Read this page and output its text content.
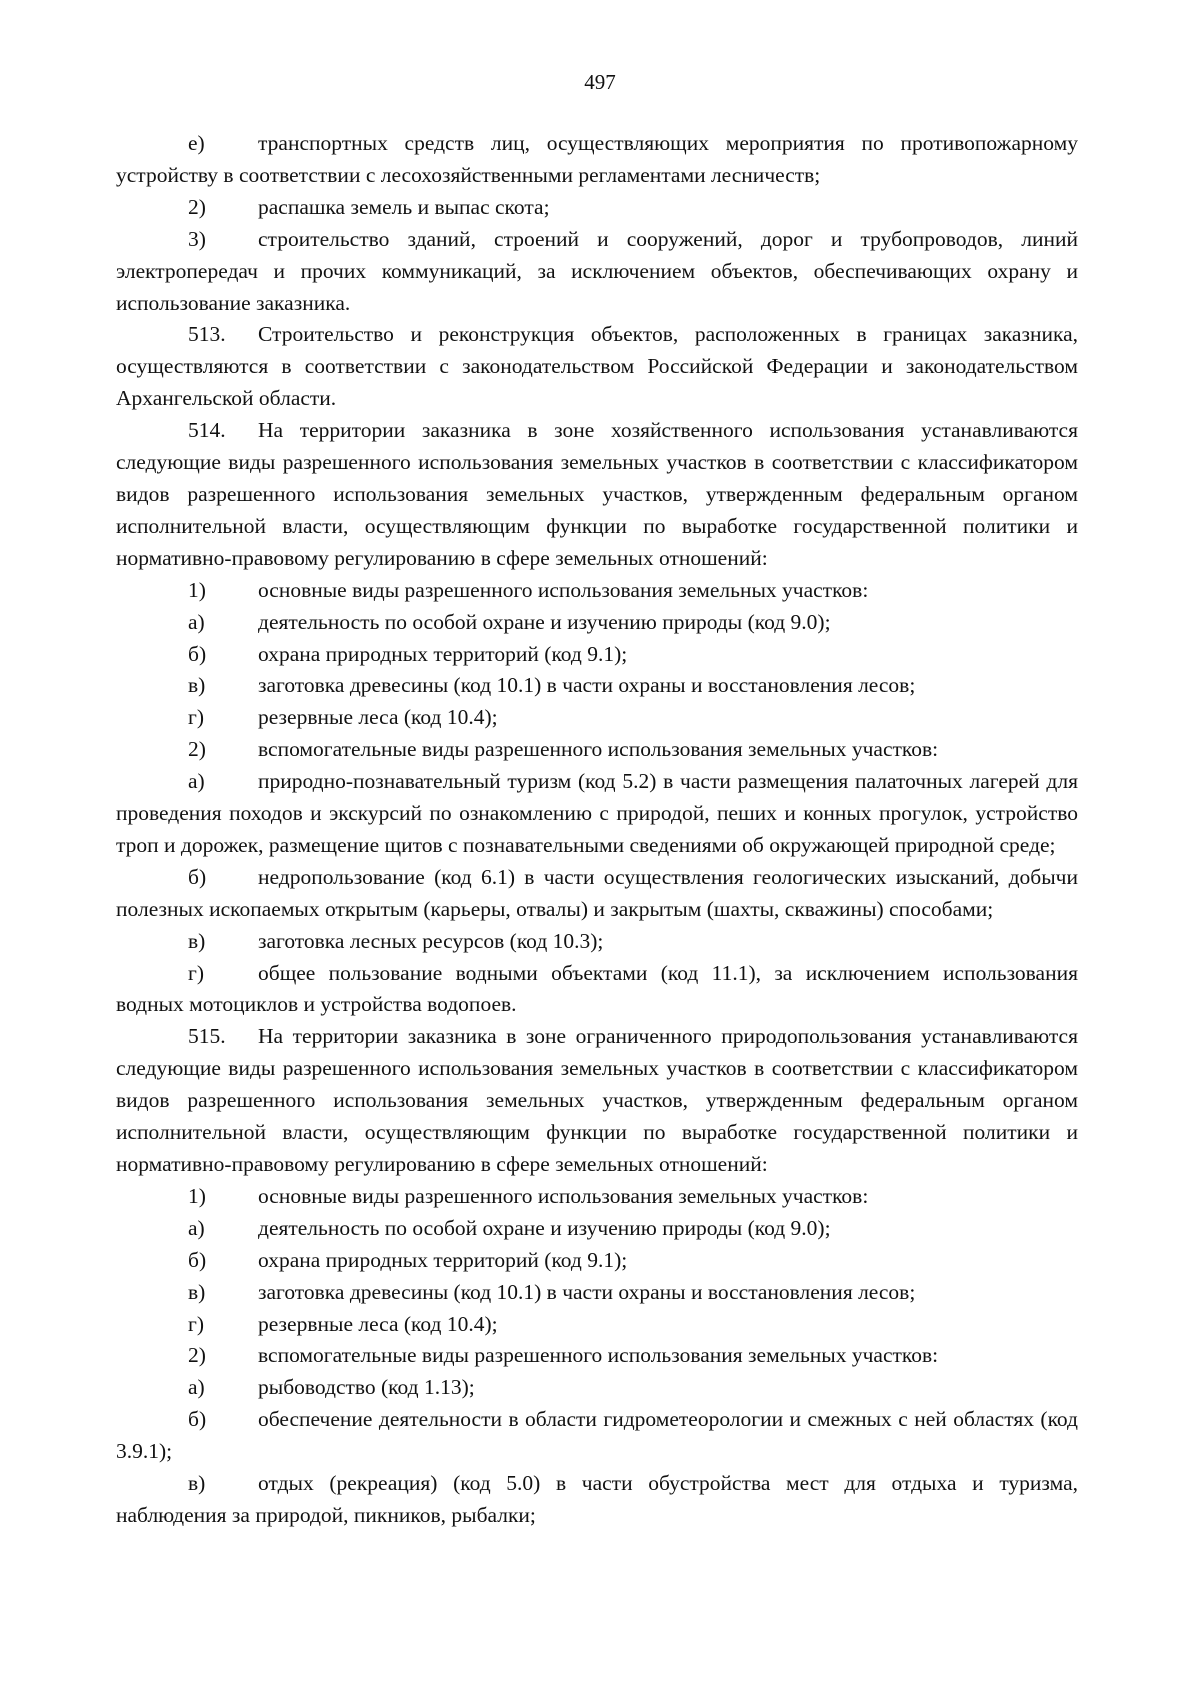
497

е) транспортных средств лиц, осуществляющих мероприятия по противопожарному устройству в соответствии с лесохозяйственными регламентами лесничеств;

2) распашка земель и выпас скота;

3) строительство зданий, строений и сооружений, дорог и трубопроводов, линий электропередач и прочих коммуникаций, за исключением объектов, обеспечивающих охрану и использование заказника.

513. Строительство и реконструкция объектов, расположенных в границах заказника, осуществляются в соответствии с законодательством Российской Федерации и законодательством Архангельской области.

514. На территории заказника в зоне хозяйственного использования устанавливаются следующие виды разрешенного использования земельных участков в соответствии с классификатором видов разрешенного использования земельных участков, утвержденным федеральным органом исполнительной власти, осуществляющим функции по выработке государственной политики и нормативно-правовому регулированию в сфере земельных отношений:

1) основные виды разрешенного использования земельных участков:

а) деятельность по особой охране и изучению природы (код 9.0);

б) охрана природных территорий (код 9.1);

в) заготовка древесины (код 10.1) в части охраны и восстановления лесов;

г)	резервные леса (код 10.4);

2) вспомогательные виды разрешенного использования земельных участков:

а) природно-познавательный туризм (код 5.2) в части размещения палаточных лагерей для проведения походов и экскурсий по ознакомлению с природой, пеших и конных прогулок, устройство троп и дорожек, размещение щитов с познавательными сведениями об окружающей природной среде;

б) недропользование (код 6.1) в части осуществления геологических изысканий, добычи полезных ископаемых открытым (карьеры, отвалы) и закрытым (шахты, скважины) способами;

в) заготовка лесных ресурсов (код 10.3);

г)	общее пользование водными объектами (код 11.1), за исключением использования водных мотоциклов и устройства водопоев.

515. На территории заказника в зоне ограниченного природопользования устанавливаются следующие виды разрешенного использования земельных участков в соответствии с классификатором видов разрешенного использования земельных участков, утвержденным федеральным органом исполнительной власти, осуществляющим функции по выработке государственной политики и нормативно-правовому регулированию в сфере земельных отношений:

1) основные виды разрешенного использования земельных участков:

а) деятельность по особой охране и изучению природы (код 9.0);

б) охрана природных территорий (код 9.1);

в) заготовка древесины (код 10.1) в части охраны и восстановления лесов;

г)	резервные леса (код 10.4);

2) вспомогательные виды разрешенного использования земельных участков:

а) рыбоводство (код 1.13);

б) обеспечение деятельности в области гидрометеорологии и смежных с ней областях (код 3.9.1);

в) отдых (рекреация) (код 5.0) в части обустройства мест для отдыха и туризма, наблюдения за природой, пикников, рыбалки;
